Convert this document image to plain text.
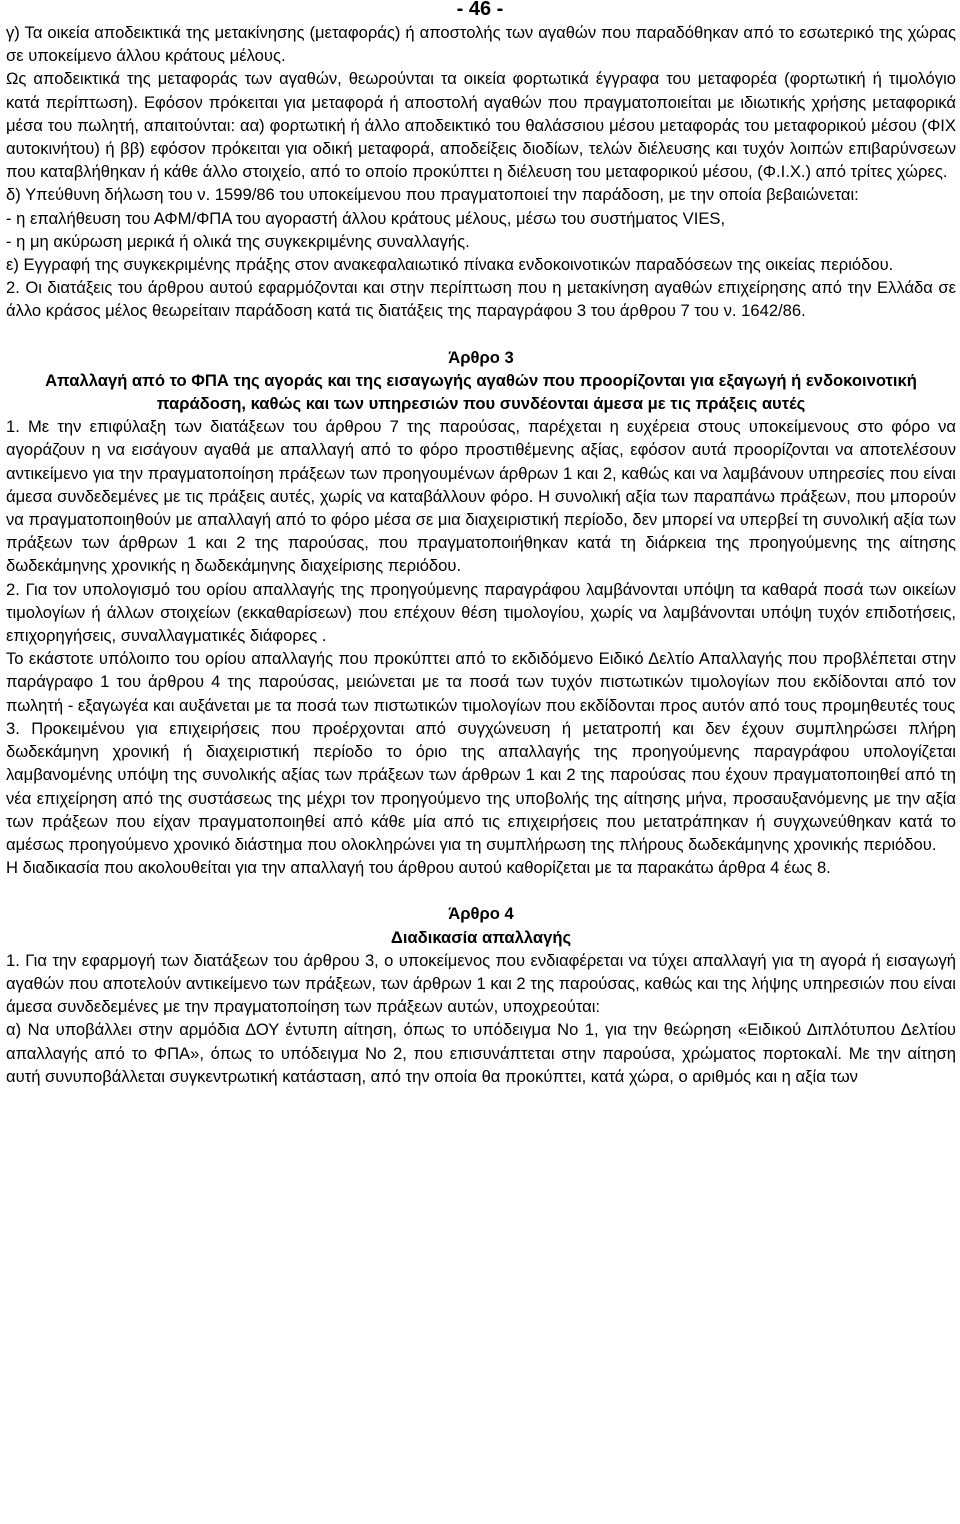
- 46 -

γ) Τα οικεία αποδεικτικά της μετακίνησης (μεταφοράς) ή αποστολής των αγαθών που παραδόθηκαν από το εσωτερικό της χώρας σε υποκείμενο άλλου κράτους μέλους.

Ως αποδεικτικά της μεταφοράς των αγαθών, θεωρούνται τα οικεία φορτωτικά έγγραφα του μεταφορέα (φορτωτική ή τιμολόγιο κατά περίπτωση). Εφόσον πρόκειται για μεταφορά ή αποστολή αγαθών που πραγματοποιείται με ιδιωτικής χρήσης μεταφορικά μέσα του πωλητή, απαιτούνται: αα) φορτωτική ή άλλο αποδεικτικό του θαλάσσιου μέσου μεταφοράς του μεταφορικού μέσου (ΦΙΧ αυτοκινήτου) ή ββ) εφόσον πρόκειται για οδική μεταφορά, αποδείξεις διοδίων, τελών διέλευσης και τυχόν λοιπών επιβαρύνσεων που καταβλήθηκαν ή κάθε άλλο στοιχείο, από το οποίο προκύπτει η διέλευση του μεταφορικού μέσου, (Φ.Ι.Χ.) από τρίτες χώρες.

δ) Υπεύθυνη δήλωση του ν. 1599/86 του υποκείμενου που πραγματοποιεί την παράδοση, με την οποία βεβαιώνεται:

- η επαλήθευση του ΑΦΜ/ΦΠΑ του αγοραστή άλλου κράτους μέλους, μέσω του συστήματος VIES,

- η μη ακύρωση μερικά ή ολικά της συγκεκριμένης συναλλαγής.

ε) Εγγραφή της συγκεκριμένης πράξης στον ανακεφαλαιωτικό πίνακα ενδοκοινοτικών παραδόσεων της οικείας περιόδου.

2. Οι διατάξεις του άρθρου αυτού εφαρμόζονται και στην περίπτωση που η μετακίνηση αγαθών επιχείρησης από την Ελλάδα σε άλλο κράσος μέλος θεωρείταιν παράδοση κατά τις διατάξεις της παραγράφου 3 του άρθρου 7 του ν. 1642/86.

Άρθρο 3

Απαλλαγή από το ΦΠΑ της αγοράς και της εισαγωγής αγαθών που προορίζονται για εξαγωγή ή ενδοκοινοτική παράδοση, καθώς και των υπηρεσιών που συνδέονται άμεσα με τις πράξεις αυτές

1. Με την επιφύλαξη των διατάξεων του άρθρου 7 της παρούσας, παρέχεται η ευχέρεια στους υποκείμενους στο φόρο να αγοράζουν η να εισάγουν αγαθά με απαλλαγή από το φόρο προστιθέμενης αξίας, εφόσον αυτά προορίζονται να αποτελέσουν αντικείμενο για την πραγματοποίηση πράξεων των προηγουμένων άρθρων 1 και 2, καθώς και να λαμβάνουν υπηρεσίες που είναι άμεσα συνδεδεμένες με τις πράξεις αυτές, χωρίς να καταβάλλουν φόρο. Η συνολική αξία των παραπάνω πράξεων, που μπορούν να πραγματοποιηθούν με απαλλαγή από το φόρο μέσα σε μια διαχειριστική περίοδο, δεν μπορεί να υπερβεί τη συνολική αξία των πράξεων των άρθρων 1 και 2 της παρούσας, που πραγματοποιήθηκαν κατά τη διάρκεια της προηγούμενης της αίτησης δωδεκάμηνης χρονικής η δωδεκάμηνης διαχείρισης περιόδου.

2. Για τον υπολογισμό του ορίου απαλλαγής της προηγούμενης παραγράφου λαμβάνονται υπόψη τα καθαρά ποσά των οικείων τιμολογίων ή άλλων στοιχείων (εκκαθαρίσεων) που επέχουν θέση τιμολογίου, χωρίς να λαμβάνονται υπόψη τυχόν επιδοτήσεις, επιχορηγήσεις, συναλλαγματικές διάφορες .

Το εκάστοτε υπόλοιπο του ορίου απαλλαγής που προκύπτει από το εκδιδόμενο Ειδικό Δελτίο Απαλλαγής που προβλέπεται στην παράγραφο 1 του άρθρου 4 της παρούσας, μειώνεται με τα ποσά των τυχόν πιστωτικών τιμολογίων που εκδίδονται από τον πωλητή - εξαγωγέα και αυξάνεται με τα ποσά των πιστωτικών τιμολογίων που εκδίδονται προς αυτόν από τους προμηθευτές τους

3. Προκειμένου για επιχειρήσεις που προέρχονται από συγχώνευση ή μετατροπή και δεν έχουν συμπληρώσει πλήρη δωδεκάμηνη χρονική ή διαχειριστική περίοδο το όριο της απαλλαγής της προηγούμενης παραγράφου υπολογίζεται λαμβανομένης υπόψη της συνολικής αξίας των πράξεων των άρθρων 1 και 2 της παρούσας που έχουν πραγματοποιηθεί από τη νέα επιχείρηση από της συστάσεως της μέχρι τον προηγούμενο της υποβολής της αίτησης μήνα, προσαυξανόμενης με την αξία των πράξεων που είχαν πραγματοποιηθεί από κάθε μία από τις επιχειρήσεις που μετατράπηκαν ή συγχωνεύθηκαν κατά το αμέσως προηγούμενο χρονικό διάστημα που ολοκληρώνει για τη συμπλήρωση της πλήρους δωδεκάμηνης χρονικής περιόδου.

Η διαδικασία που ακολουθείται για την απαλλαγή του άρθρου αυτού καθορίζεται με τα παρακάτω άρθρα 4 έως 8.

Άρθρο 4

Διαδικασία απαλλαγής

1. Για την εφαρμογή των διατάξεων του άρθρου 3, ο υποκείμενος που ενδιαφέρεται να τύχει απαλλαγή για τη αγορά ή εισαγωγή αγαθών που αποτελούν αντικείμενο των πράξεων, των άρθρων 1 και 2 της παρούσας, καθώς και της λήψης υπηρεσιών που είναι άμεσα συνδεδεμένες με την πραγματοποίηση των πράξεων αυτών, υποχρεούται:

α) Να υποβάλλει στην αρμόδια ΔΟΥ έντυπη αίτηση, όπως το υπόδειγμα Νο 1, για την θεώρηση «Ειδικού Διπλότυπου Δελτίου απαλλαγής από το ΦΠΑ», όπως το υπόδειγμα Νο 2, που επισυνάπτεται στην παρούσα, χρώματος πορτοκαλί. Με την αίτηση αυτή συνυποβάλλεται συγκεντρωτική κατάσταση, από την οποία θα προκύπτει, κατά χώρα, ο αριθμός και η αξία των
